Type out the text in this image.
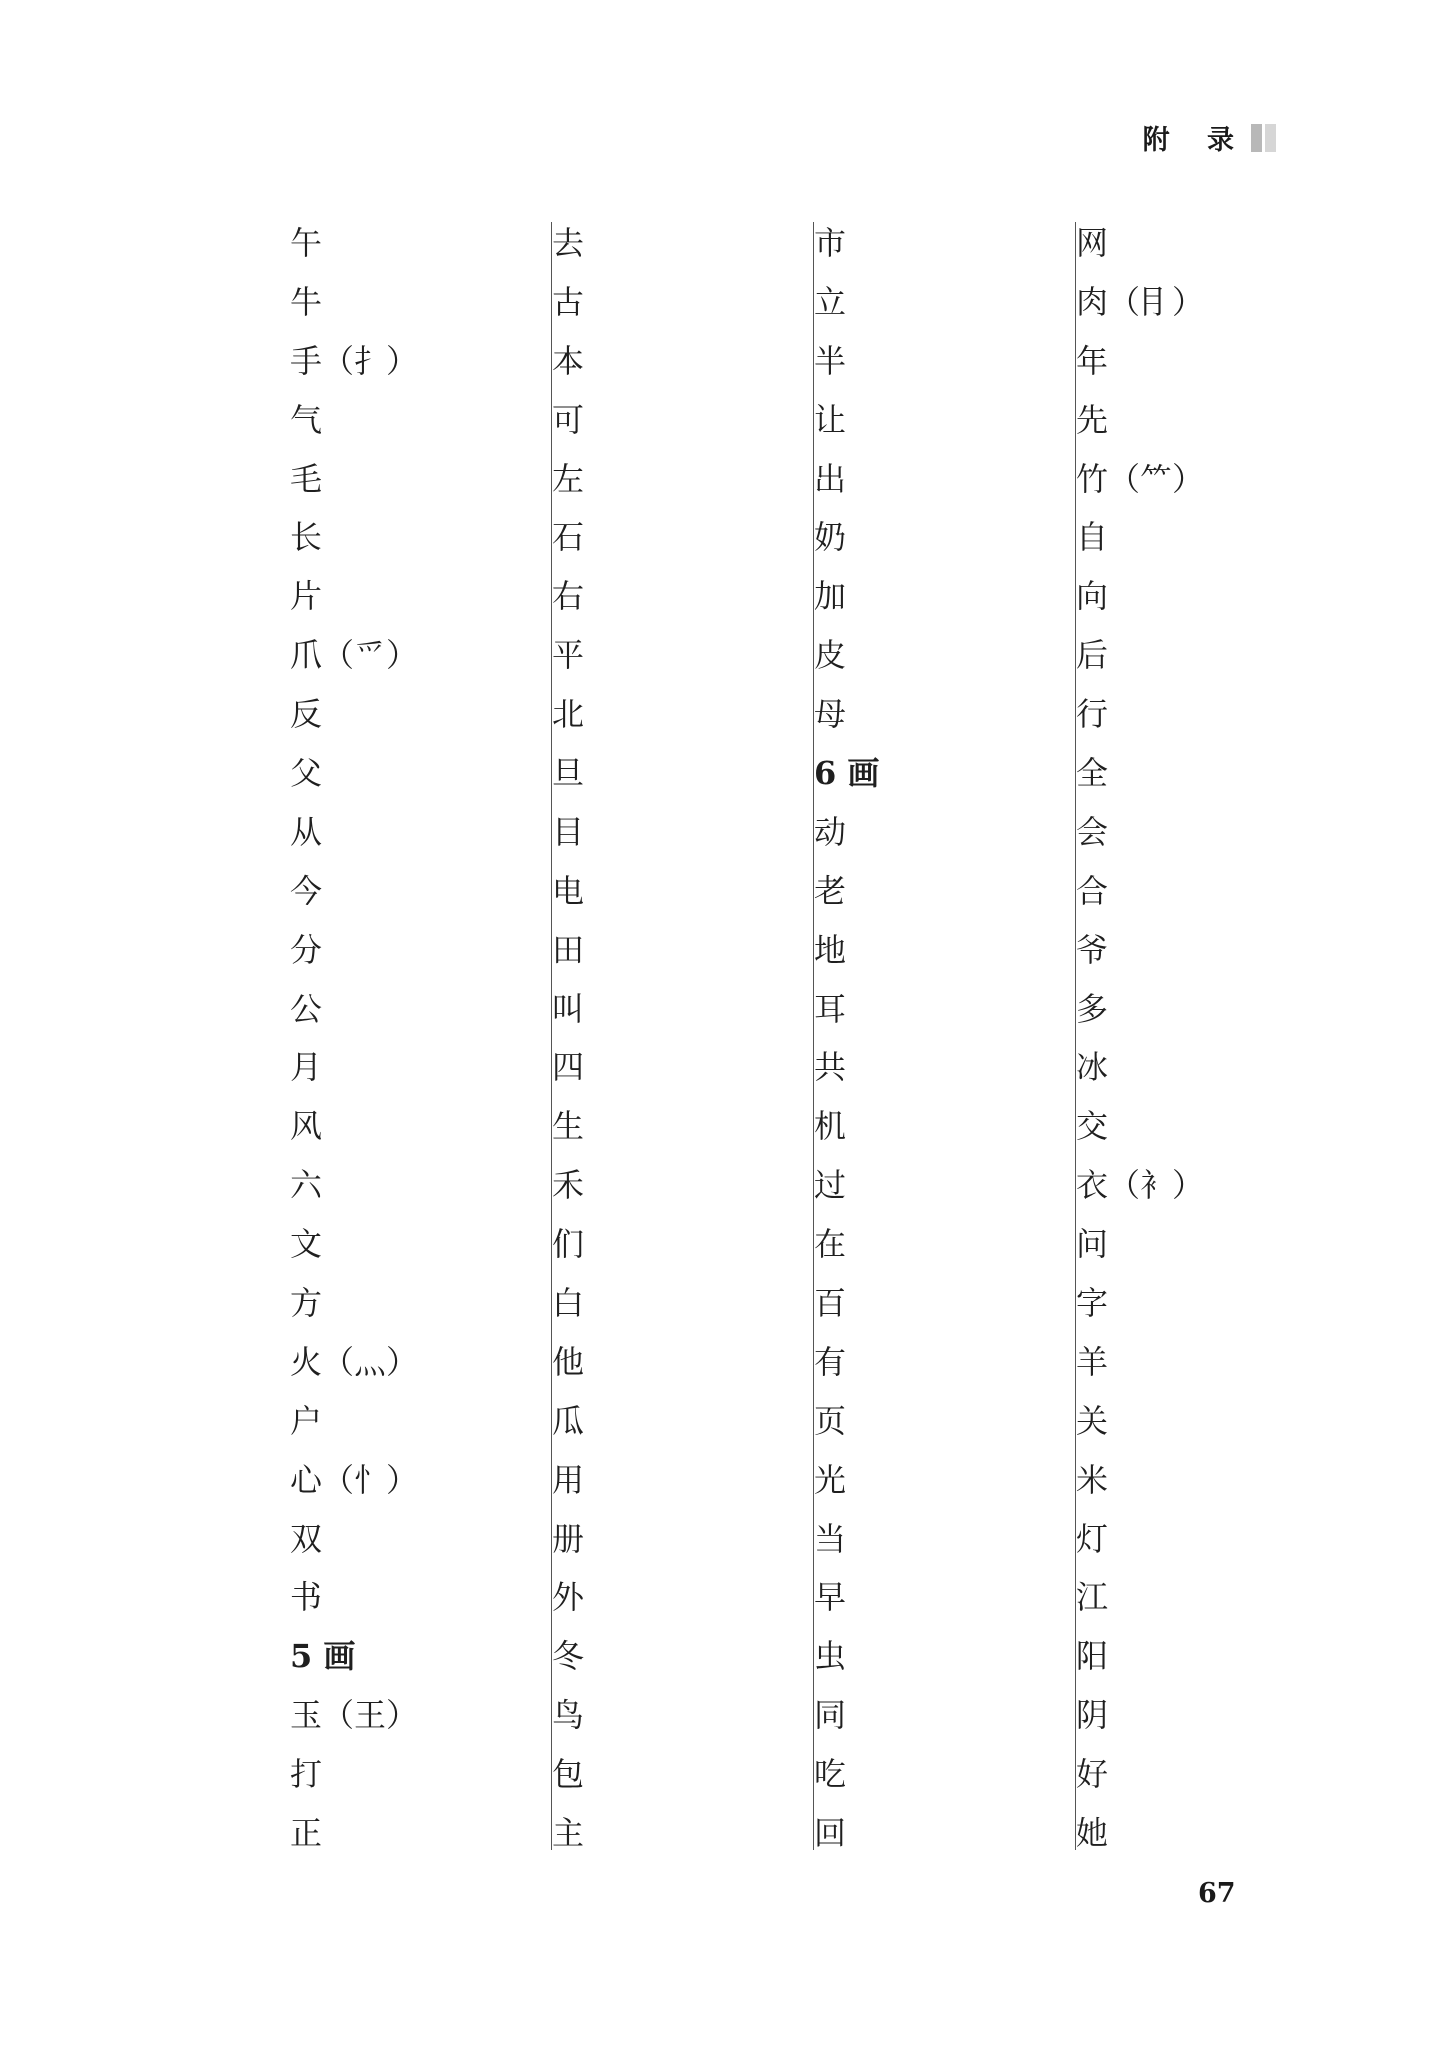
附 录
午
牛
手（扌）
气
毛
长
片
爪（爫）
反
父
从
今
分
公
月
风
六
文
方
火（灬）
户
心（忄）
双
书
5 画
玉（王）
打
正
去
古
本
可
左
石
右
平
北
旦
目
电
田
叫
四
生
禾
们
白
他
瓜
用
册
外
冬
鸟
包
主
市
立
半
让
出
奶
加
皮
母
6 画
动
老
地
耳
共
机
过
在
百
有
页
光
当
早
虫
同
吃
回
网
肉（⺝）
年
先
竹（⺮）
自
向
后
行
全
会
合
爷
多
冰
交
衣（衤）
问
字
羊
关
米
灯
江
阳
阴
好
她
67
